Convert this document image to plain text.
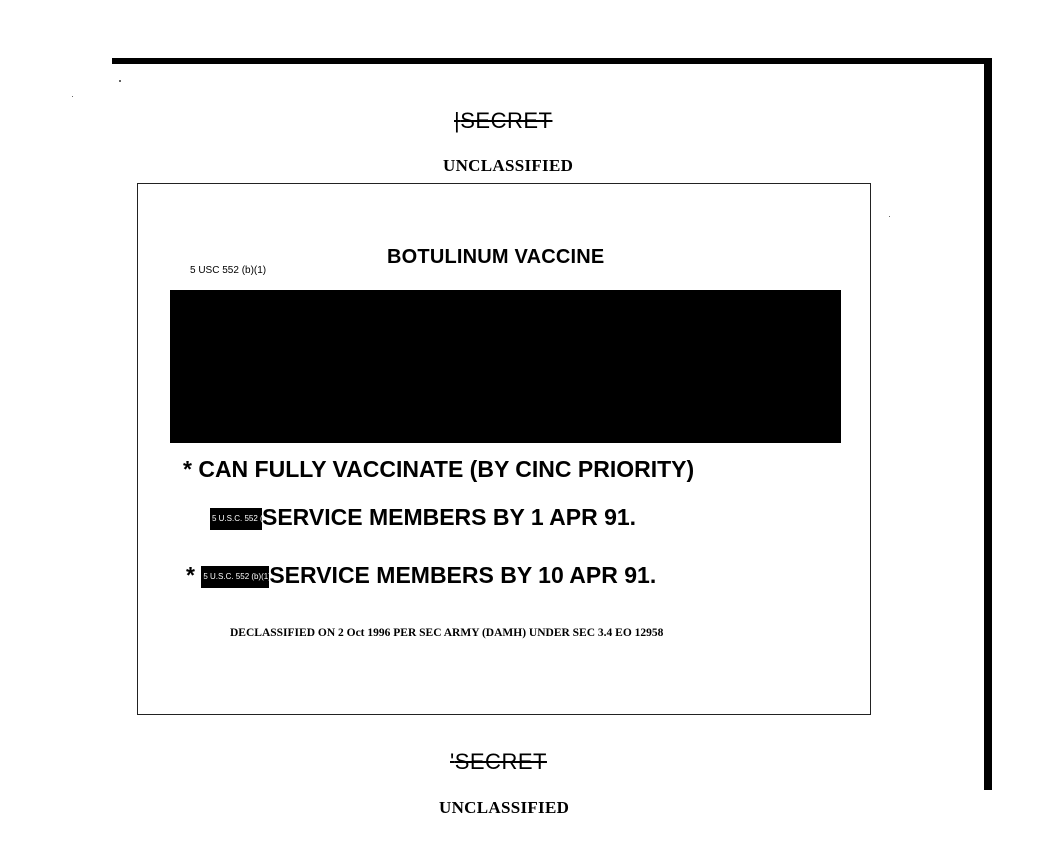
|SECRET
UNCLASSIFIED
5 USC 552 (b)(1)
BOTULINUM VACCINE
* CAN FULLY VACCINATE (BY CINC PRIORITY)
5 U.S.C. 552 (b)(1)SERVICE MEMBERS BY 1 APR 91.
* 5 U.S.C. 552 (b)(1)SERVICE MEMBERS BY 10 APR 91.
DECLASSIFIED ON 2 Oct 1996 PER SEC ARMY (DAMH) UNDER SEC 3.4 EO 12958
'SECRET
UNCLASSIFIED
